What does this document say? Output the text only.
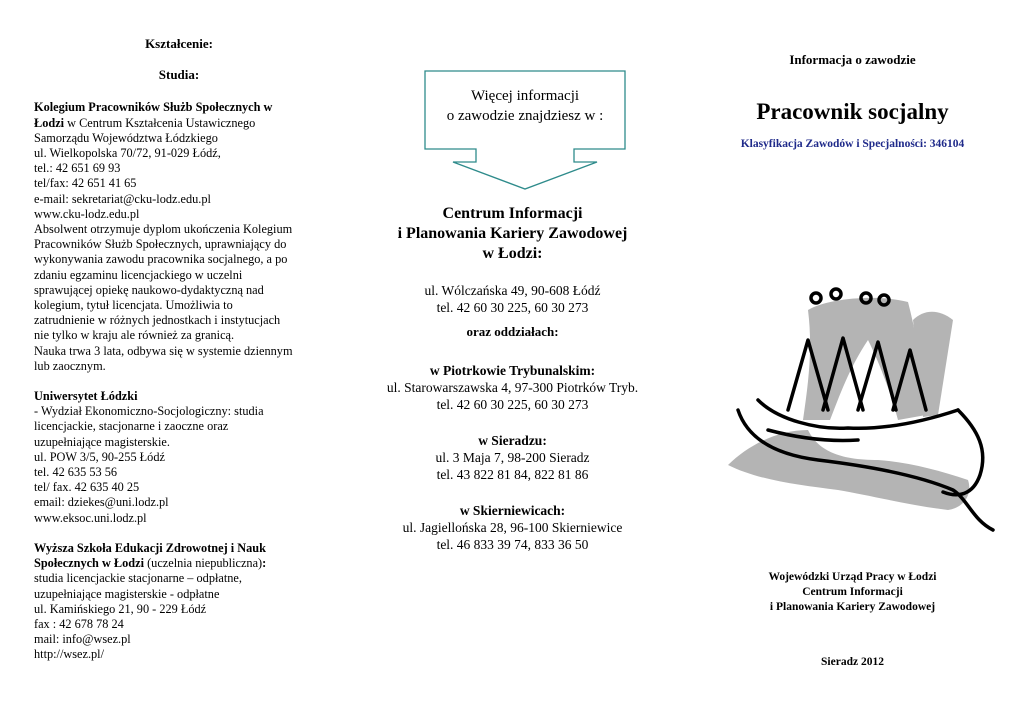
Kształcenie:
Studia:

Kolegium Pracowników Służb Społecznych w

Łodzi w Centrum Kształcenia Ustawicznego

Samorządu Województwa Łódzkiego

ul. Wielkopolska 70/72, 91-029 Łódź,

tel.: 42 651 69 93

tel/fax: 42 651 41 65

e-mail: sekretariat@cku-lodz.edu.pl

www.cku-lodz.edu.pl

Absolwent otrzymuje dyplom ukończenia Kolegium

Pracowników Służb Społecznych, uprawniający do

wykonywania zawodu pracownika socjalnego, a po

zdaniu egzaminu licencjackiego w uczelni

sprawującej opiekę naukowo-dydaktyczną nad

kolegium, tytuł licencjata. Umożliwia to

zatrudnienie w różnych jednostkach i instytucjach

nie tylko w kraju ale również za granicą.

Nauka trwa 3 lata, odbywa się w systemie dziennym

lub zaocznym.

Uniwersytet Łódzki

- Wydział Ekonomiczno-Socjologiczny: studia

licencjackie, stacjonarne i zaoczne oraz

uzupełniające magisterskie.

ul. POW 3/5, 90-255 Łódź

tel. 42 635 53 56

tel/ fax. 42 635 40 25

email: dziekes@uni.lodz.pl

www.eksoc.uni.lodz.pl

Wyższa Szkoła Edukacji Zdrowotnej i Nauk

Społecznych w Łodzi (uczelnia niepubliczna):

studia licencjackie stacjonarne – odpłatne,

uzupełniające magisterskie - odpłatne

ul. Kamińskiego 21, 90 - 229 Łódź

fax : 42 678 78 24

mail: info@wsez.pl

http://wsez.pl/

Więcej informacji
o zawodzie znajdziesz w :
Centrum Informacji
i Planowania Kariery Zawodowej
w Łodzi:
ul. Wólczańska 49, 90-608 Łódź
tel. 42 60 30 225, 60 30 273
oraz oddziałach:
w Piotrkowie Trybunalskim:
ul. Starowarszawska 4, 97-300 Piotrków Tryb.
tel. 42 60 30 225, 60 30 273
w Sieradzu:
ul. 3 Maja 7, 98-200 Sieradz
tel. 43 822 81 84, 822 81 86
w Skierniewicach:
ul. Jagiellońska 28, 96-100 Skierniewice
tel. 46 833 39 74, 833 36 50
Informacja o zawodzie
Pracownik socjalny
Klasyfikacja Zawodów i Specjalności: 346104
Wojewódzki Urząd Pracy w Łodzi
Centrum Informacji
i Planowania Kariery Zawodowej
Sieradz 2012
